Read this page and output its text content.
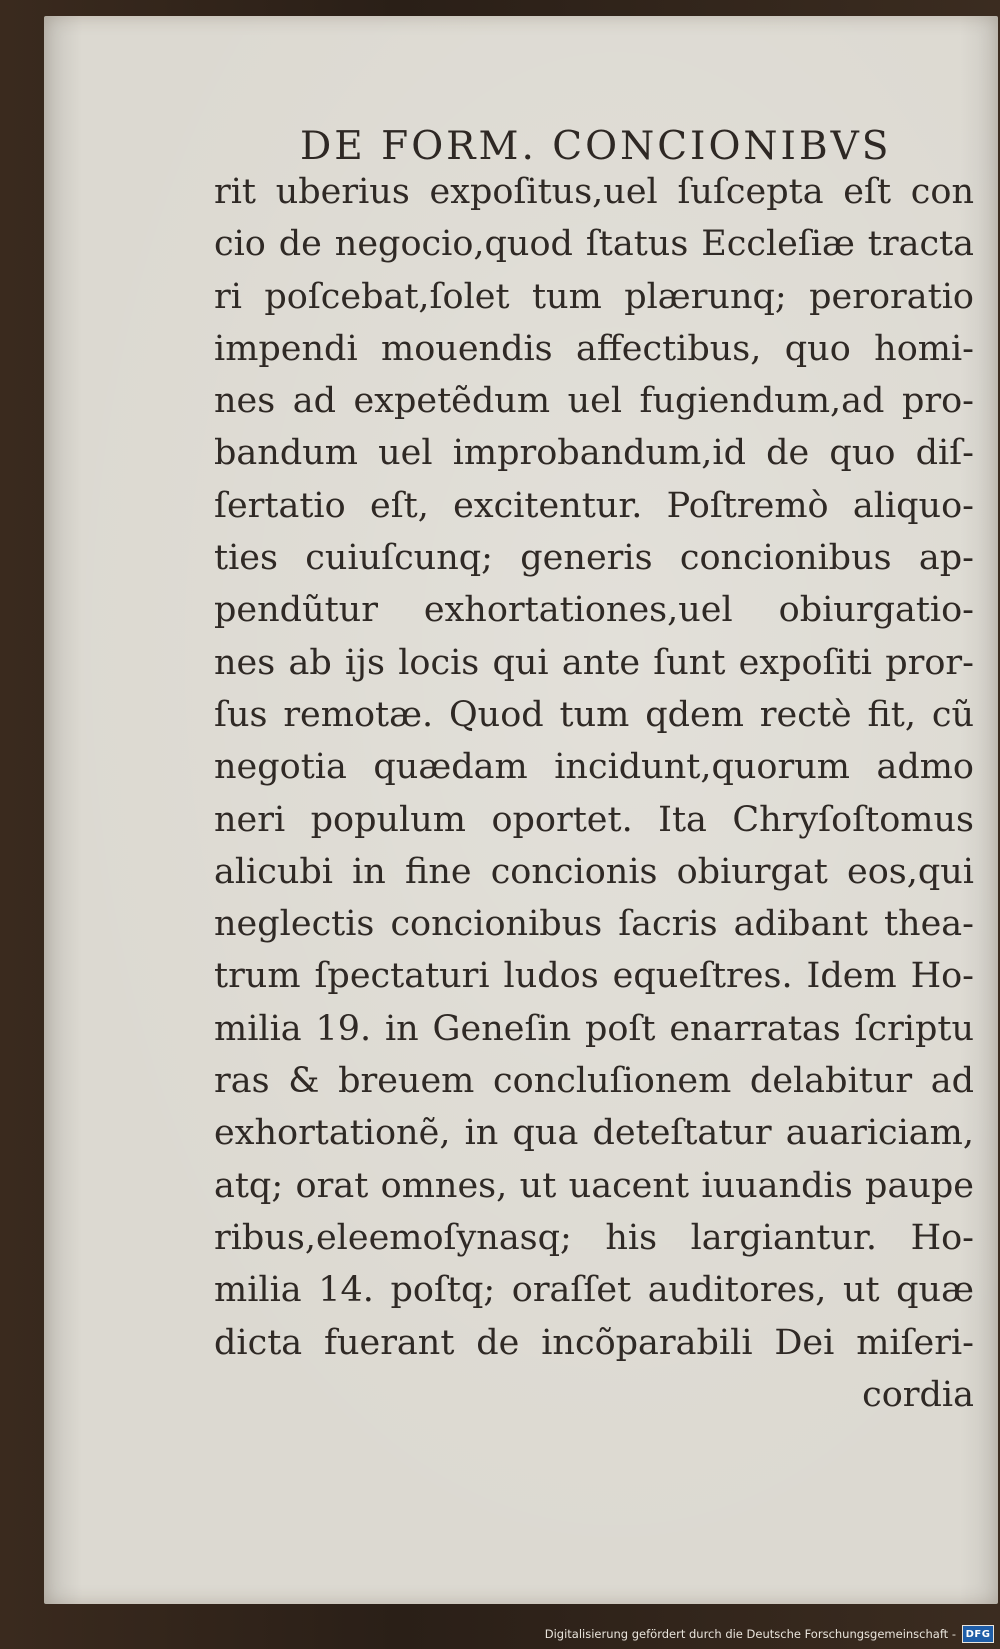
DE FORM. CONCIONIBVS
rit uberius expoſitus,uel ſuſcepta eſt con
cio de negocio,quod ſtatus Eccleſiæ tracta
ri poſcebat,ſolet tum plærunq; peroratio
impendi mouendis affectibus, quo homi-
nes ad expetẽdum uel fugiendum,ad pro-
bandum uel improbandum,id de quo diſ-
ſertatio eſt, excitentur. Poſtremò aliquo-
ties cuiuſcunq; generis concionibus ap-
pendũtur exhortationes,uel obiurgatio-
nes ab ijs locis qui ante ſunt expoſiti pror-
ſus remotæ. Quod tum qdem rectè fit, cũ
negotia quædam incidunt,quorum admo
neri populum oportet. Ita Chryſoſtomus
alicubi in fine concionis obiurgat eos,qui
neglectis concionibus ſacris adibant thea-
trum ſpectaturi ludos equeſtres. Idem Ho-
milia 19. in Geneſin poſt enarratas ſcriptu
ras & breuem concluſionem delabitur ad
exhortationẽ, in qua deteſtatur auariciam,
atq; orat omnes, ut uacent iuuandis paupe
ribus,eleemoſynasq; his largiantur. Ho-
milia 14. poſtq; oraſſet auditores, ut quæ
dicta fuerant de incõparabili Dei miſeri-
cordia
Digitalisierung gefördert durch die Deutsche Forschungsgemeinschaft - DFG
